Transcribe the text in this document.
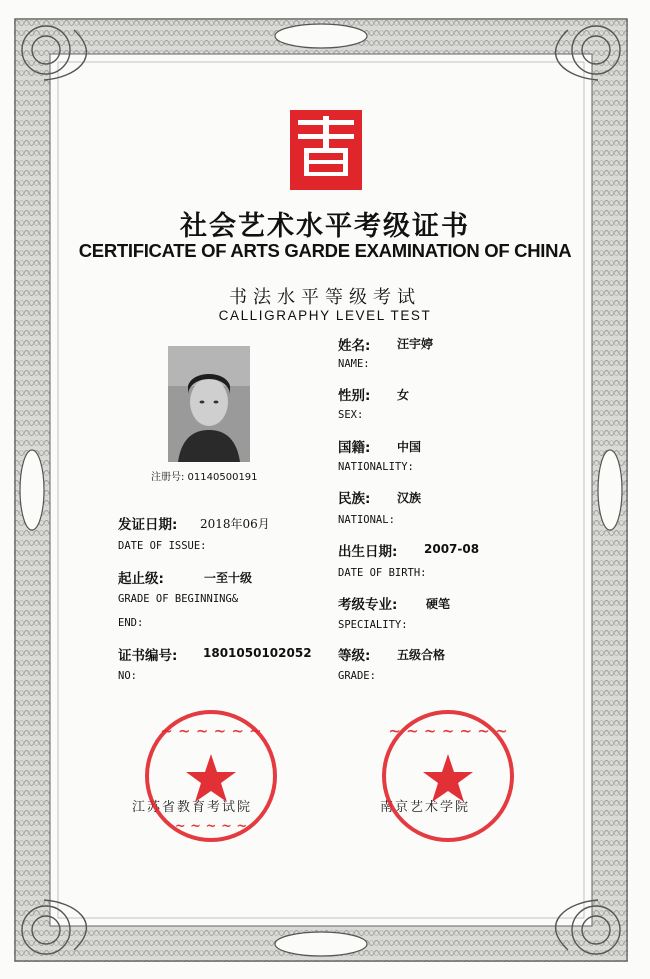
社会艺术水平考级证书
CERTIFICATE OF ARTS GARDE EXAMINATION OF CHINA
书法水平等级考试
CALLIGRAPHY LEVEL TEST
注册号: 01140500191
姓名: 汪宇婷
NAME:
性别: 女
SEX:
国籍: 中国
NATIONALITY:
民族: 汉族
NATIONAL:
出生日期: 2007-08
DATE OF BIRTH:
考级专业: 硬笔
SPECIALITY:
等级: 五级合格
GRADE:
发证日期: 2018年06月
DATE OF ISSUE:
起止级:	一至十级
GRADE OF BEGINNING&
END:
证书编号: 1801050102052
NO:
江苏省教育考试院	南京艺术学院
~ ~ ~ ~ ~ ~
~ ~ ~ ~ ~
~ ~ ~ ~ ~ ~ ~
